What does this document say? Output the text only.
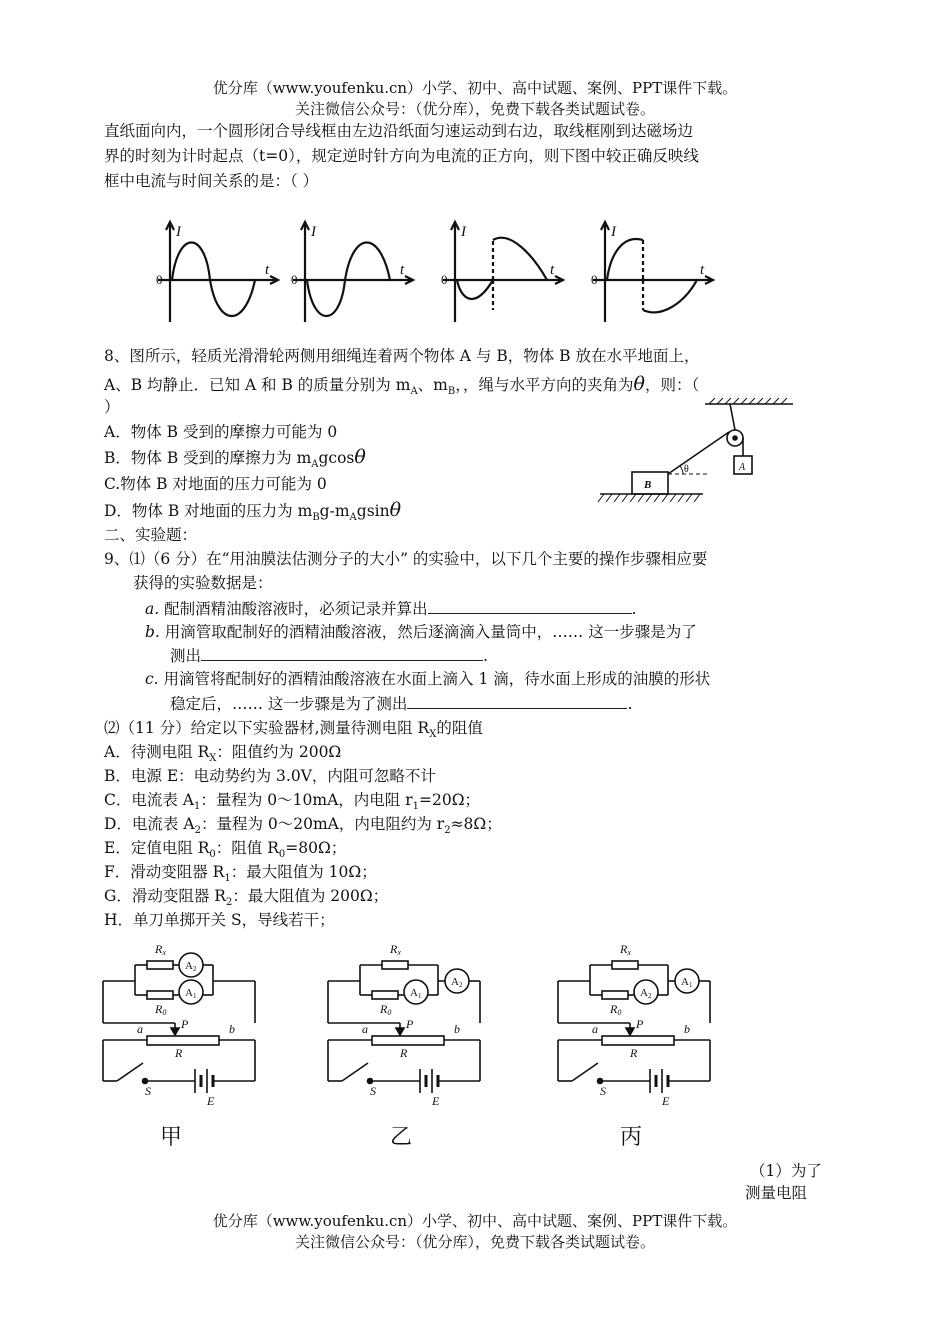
优分库（www.youfenku.cn）小学、初中、高中试题、案例、PPT课件下载。
关注微信公众号：（优分库），免费下载各类试题试卷。
直纸面向内，一个圆形闭合导线框由左边沿纸面匀速运动到右边，取线框刚到达磁场边
界的时刻为计时起点（t=0），规定逆时针方向为电流的正方向，则下图中较正确反映线
框中电流与时间关系的是：（ ）
I
t
0
I
t
0
I
t
0
I
t
0
8、图所示，轻质光滑滑轮两侧用细绳连着两个物体 A 与 B，物体 B 放在水平地面上，
A、B 均静止．已知 A 和 B 的质量分别为 $m_A$、$m_B$，，绳与水平方向的夹角为θ，则：（
）
A．物体 B 受到的摩擦力可能为 0
B．物体 B 受到的摩擦力为 $m_Agcos\theta$
C.物体 B 对地面的压力可能为 0
D．物体 B 对地面的压力为 $m_Bg-m_Agsin\theta$
A
B
θ
二、实验题：
9、⑴（6 分）在“用油膜法估测分子的大小” 的实验中，以下几个主要的操作步骤相应要
获得的实验数据是：
a. 配制酒精油酸溶液时，必须记录并算出	.
b. 用滴管取配制好的酒精油酸溶液，然后逐滴滴入量筒中，…… 这一步骤是为了
测出	.
c. 用滴管将配制好的酒精油酸溶液在水面上滴入 1 滴，待水面上形成的油膜的形状
稳定后，…… 这一步骤是为了测出	.
⑵（11 分）给定以下实验器材,测量待测电阻 $R_X$的阻值
A．待测电阻 $R_X$：阻值约为 200Ω
B．电源 E：电动势约为 3.0V，内阻可忽略不计
C．电流表 $A_1$：量程为 0～10mA，内电阻 $r_1=20\Omega$；
D．电流表 $A_2$：量程为 0～20mA，内电阻约为 $r_2\approx 8\Omega$；
E．定值电阻 $R_0$：阻值 $R_0=80\Omega$；
F．滑动变阻器 $R_1$：最大阻值为 10Ω；
G．滑动变阻器 $R_2$：最大阻值为 200Ω；
H．单刀单掷开关 S，导线若干；
Rx
A2
A1
R0
a	P	b
R
S
E
Rx
A2
A1
R0
a	P	b
R
S
E
Rx
A1
A2
R0
a	P	b
R
S
E
甲	乙	丙
（1）为了
测量电阻
优分库（www.youfenku.cn）小学、初中、高中试题、案例、PPT课件下载。
关注微信公众号：（优分库），免费下载各类试题试卷。
